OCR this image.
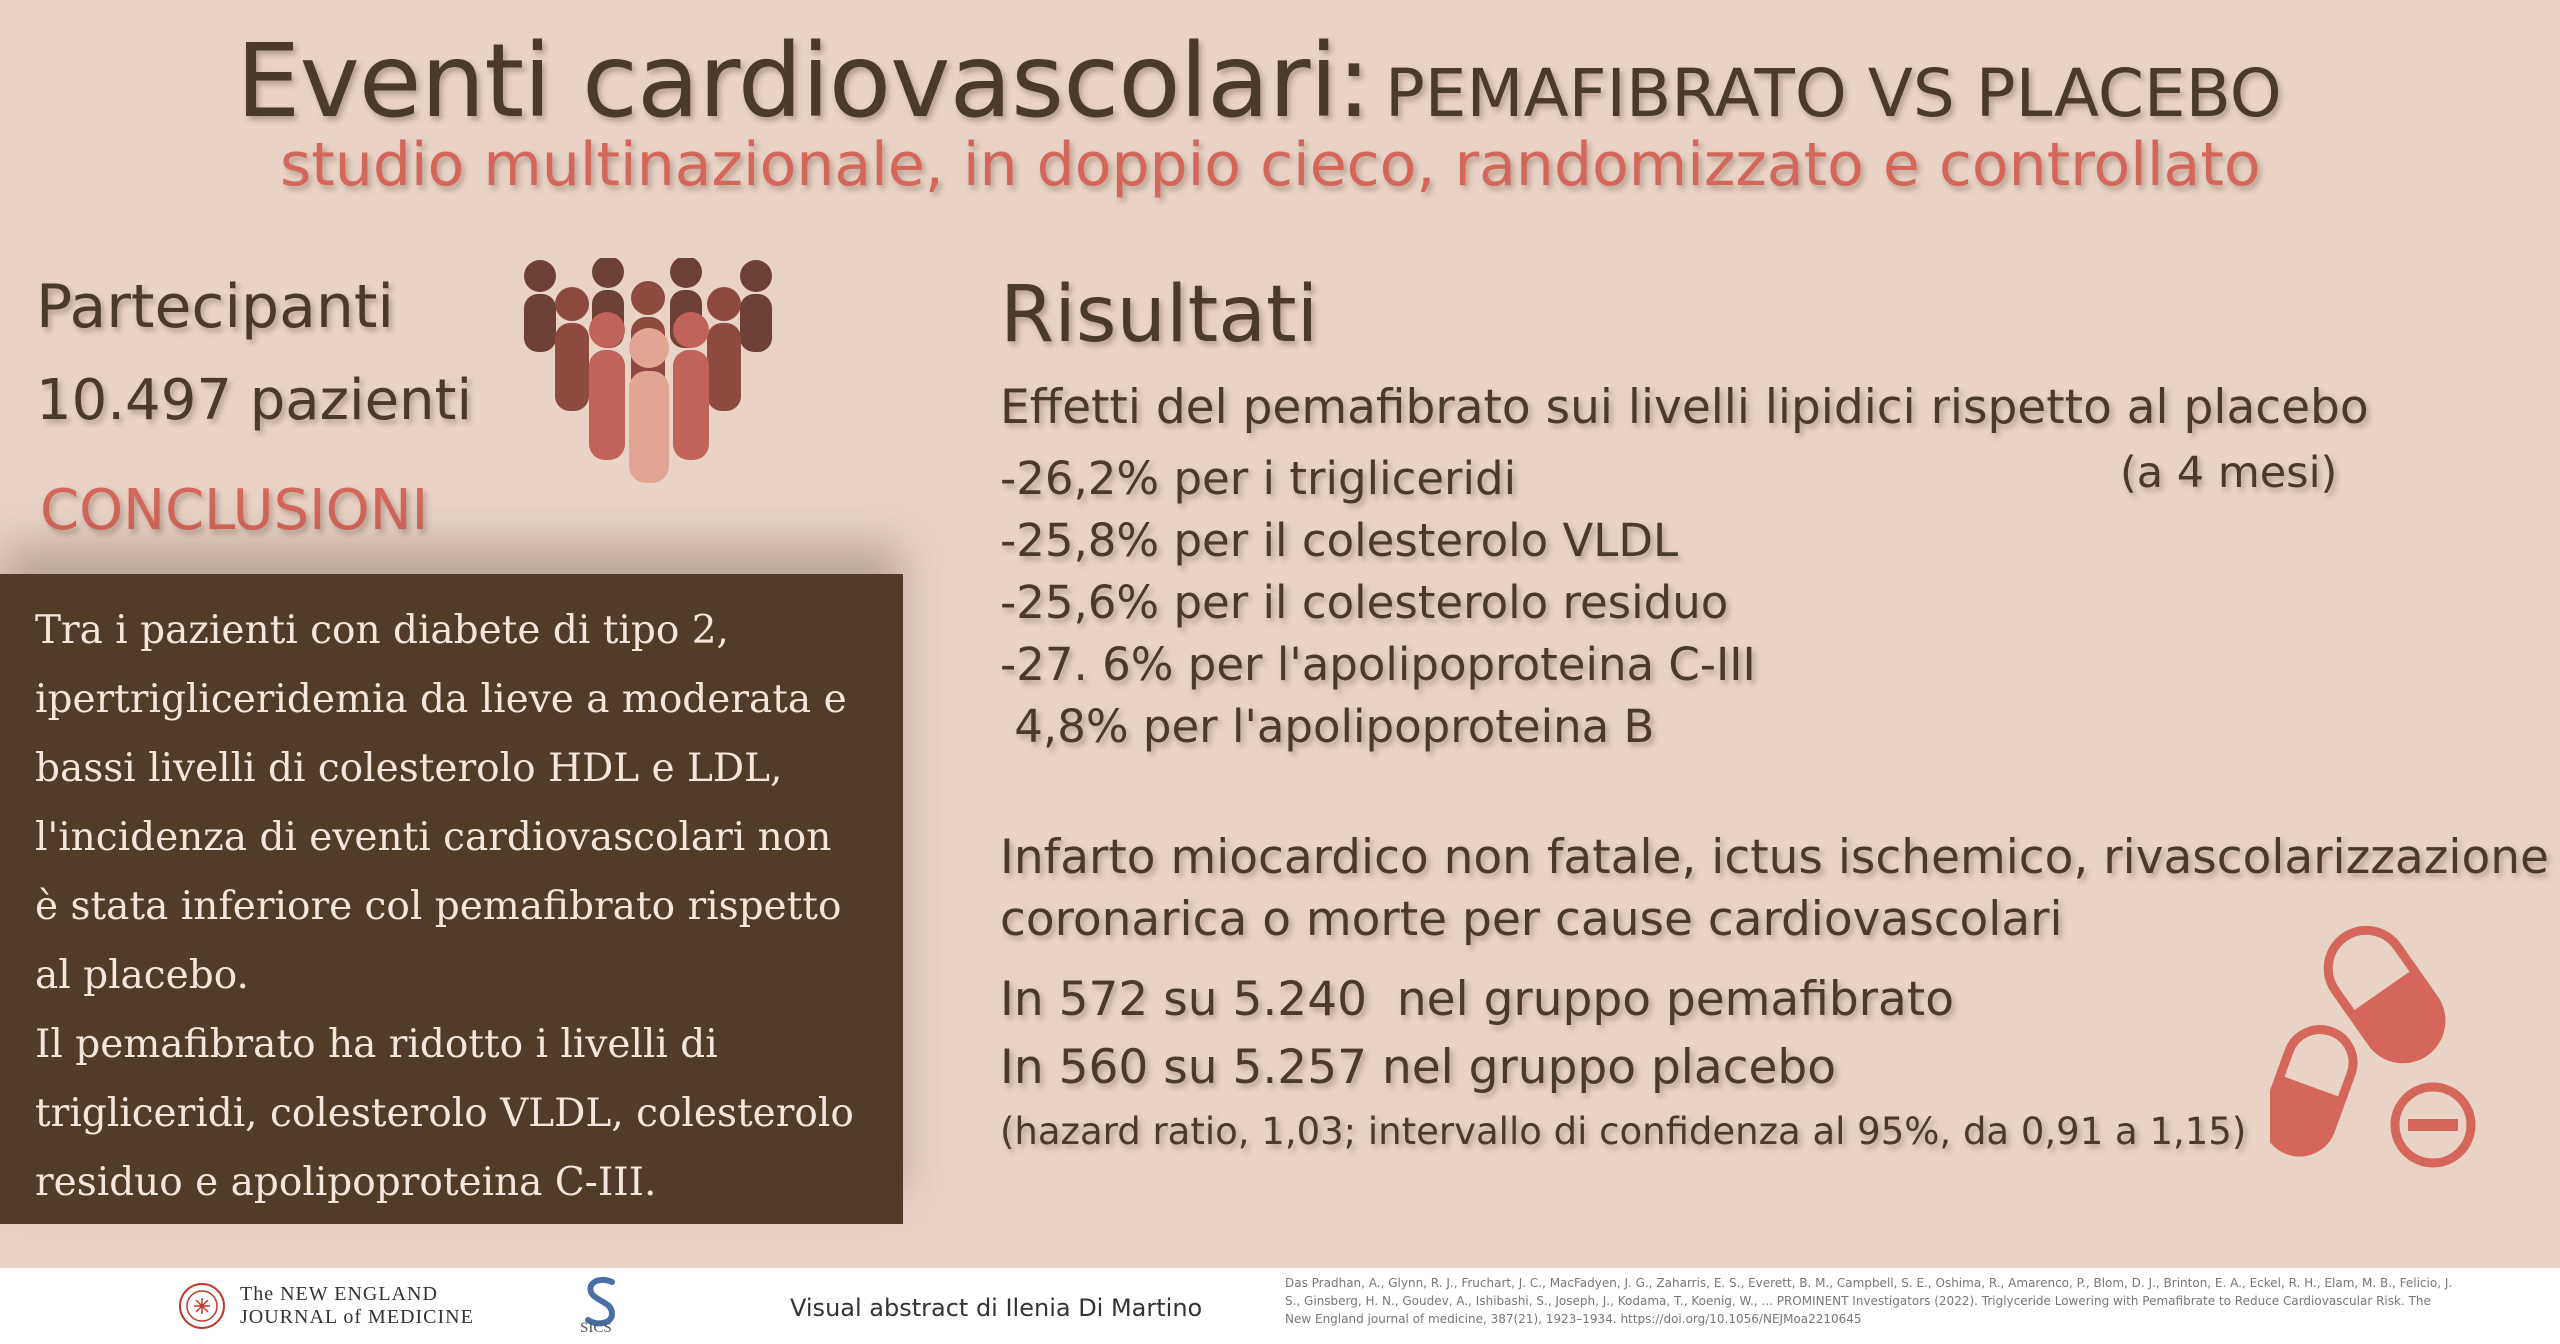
Eventi cardiovascolari: PEMAFIBRATO VS PLACEBO
studio multinazionale, in doppio cieco, randomizzato e controllato
Partecipanti
10.497 pazienti
CONCLUSIONI

Tra i pazienti con diabete di tipo 2,
ipertrigliceridemia da lieve a moderata e
bassi livelli di colesterolo HDL e LDL,
l'incidenza di eventi cardiovascolari non
è stata inferiore col pemafibrato rispetto
al placebo.
Il pemafibrato ha ridotto i livelli di
trigliceridi, colesterolo VLDL, colesterolo
residuo e apolipoproteina C-III.

Risultati
Effetti del pemafibrato sui livelli lipidici rispetto al placebo
(a 4 mesi)
-26,2% per i trigliceridi
-25,8% per il colesterolo VLDL
-25,6% per il colesterolo residuo
-27. 6% per l'apolipoproteina C-III
4,8% per l'apolipoproteina B
Infarto miocardico non fatale, ictus ischemico, rivascolarizzazione
coronarica o morte per cause cardiovascolari
In 572 su 5.240  nel gruppo pemafibrato
In 560 su 5.257 nel gruppo placebo
(hazard ratio, 1,03; intervallo di confidenza al 95%, da 0,91 a 1,15)
The NEW ENGLAND
JOURNAL of MEDICINE	SICS
Visual abstract di Ilenia Di Martino

Das Pradhan, A., Glynn, R. J., Fruchart, J. C., MacFadyen, J. G., Zaharris, E. S., Everett, B. M., Campbell, S. E., Oshima, R., Amarenco, P., Blom, D. J., Brinton, E. A., Eckel, R. H., Elam, M. B., Felicio, J. S., Ginsberg, H. N., Goudev, A., Ishibashi, S., Joseph, J., Kodama, T., Koenig, W., ... PROMINENT Investigators (2022). Triglyceride Lowering with Pemafibrate to Reduce Cardiovascular Risk. The New England journal of medicine, 387(21), 1923–1934. https://doi.org/10.1056/NEJMoa2210645
